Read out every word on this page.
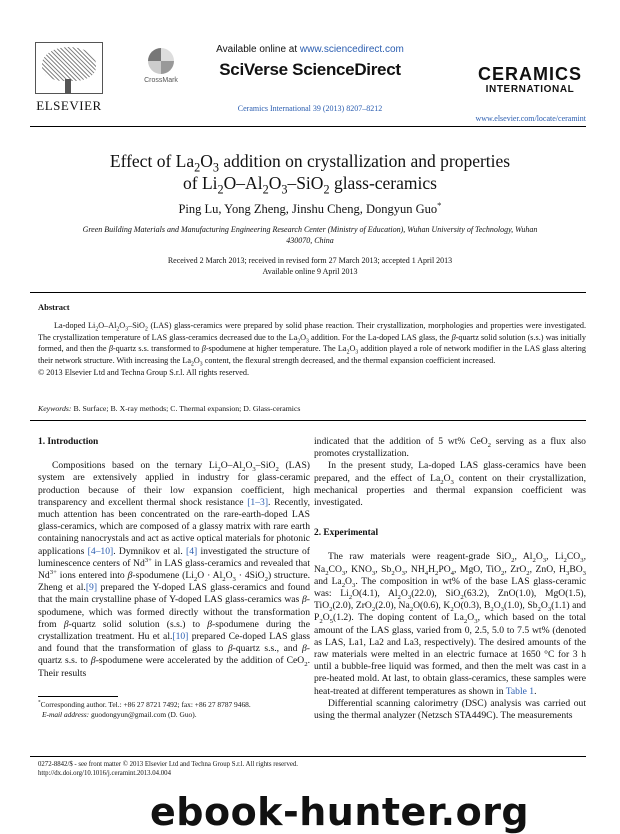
ELSEVIER
CrossMark
Available online at www.sciencedirect.com
SciVerse ScienceDirect
Ceramics International 39 (2013) 8207–8212
CERAMICS
INTERNATIONAL
www.elsevier.com/locate/ceramint
Effect of $La_2O_3$ addition on crystallization and properties
of $Li_2O-Al_2O_3-SiO_2$ glass-ceramics
Ping Lu, Yong Zheng, Jinshu Cheng, Dongyun Guo*
Green Building Materials and Manufacturing Engineering Research Center (Ministry of Education), Wuhan University of Technology, Wuhan 430070, China
Received 2 March 2013; received in revised form 27 March 2013; accepted 1 April 2013
Available online 9 April 2013
Abstract

La-doped $Li_2O-Al_2O_3-SiO_2$ (LAS) glass-ceramics were prepared by solid phase reaction. Their crystallization, morphologies and properties were investigated. The crystallization temperature of LAS glass-ceramics decreased due to the $La_2O_3$ addition. For the La-doped LAS glass, the β-quartz solid solution (s.s.) was initially formed, and then the β-quartz s.s. transformed to β-spodumene at higher temperature. The $La_2O_3$ addition played a role of network modifier in the LAS glass altering their network structure. With increasing the $La_2O_3$ content, the flexural strength decreased, and the thermal expansion coefficient increased.

© 2013 Elsevier Ltd and Techna Group S.r.l. All rights reserved.

Keywords: B. Surface; B. X-ray methods; C. Thermal expansion; D. Glass-ceramics
1. Introduction

Compositions based on the ternary $Li_2O-Al_2O_3-SiO_2$ (LAS) system are extensively applied in industry for glass-ceramic production because of their low expansion coefficient, high transparency and excellent thermal shock resistance [1–3]. Recently, much attention has been concentrated on the rare-earth-doped LAS glass-ceramics, which are composed of a glassy matrix with rare earth containing nanocrystals and act as active optical materials for photonic applications [4–10]. Dymnikov et al. [4] investigated the structure of luminescence centers of $Nd^{3+}$ in LAS glass-ceramics and revealed that $Nd^{3+}$ ions entered into β-spodumene $(Li_2O \cdot Al_2O_3 \cdot 4SiO_2)$ structure. Zheng et al.[9] prepared the Y-doped LAS glass-ceramics and found that the main crystalline phase of Y-doped LAS glass-ceramics was β-spodumene, which was formed directly without the transformation from β-quartz solid solution (s.s.) to β-spodumene during the crystallization treatment. Hu et al.[10] prepared Ce-doped LAS glass and found that the transformation of glass to β-quartz s.s., and β-quartz s.s. to β-spodumene were accelerated by the addition of CeO$_2$. Their results

indicated that the addition of 5 wt% CeO$_2$ serving as a flux also promotes crystallization.

In the present study, La-doped LAS glass-ceramics have been prepared, and the effect of $La_2O_3$ content on their crystallization, mechanical properties and thermal expansion coefficient was investigated.

2. Experimental

The raw materials were reagent-grade SiO$_2$, $Al_2O_3$, $Li_2CO_3$, $Na_2CO_3$, $KNO_3$, $Sb_2O_3$, $NH_4H_2PO_4$, MgO, TiO$_2$, ZrO$_2$, ZnO, $H_3BO_3$ and $La_2O_3$. The composition in wt% of the base LAS glass-ceramic was: $Li_2O(4.1)$, $Al_2O_3(22.0)$, SiO$_2$(63.2), ZnO(1.0), MgO(1.5), TiO$_2$(2.0), ZrO$_2$(2.0), $Na_2O(0.6)$, $K_2O(0.3)$, $B_2O_3(1.0)$, $Sb_2O_3(1.1)$ and $P_2O_5(1.2)$. The doping content of $La_2O_3$, which based on the total amount of the LAS glass, varied from 0, 2.5, 5.0 to 7.5 wt% (denoted as LAS, La1, La2 and La3, respectively). The desired amounts of the raw materials were melted in an electric furnace at 1650 °C for 3 h until a bubble-free liquid was formed, and then the melt was cast in a pre-heated mold. At last, to obtain glass-ceramics, these samples were heat-treated at different temperatures as shown in Table 1.

Differential scanning calorimetry (DSC) analysis was carried out using the thermal analyzer (Netzsch STA449C). The measurements

*Corresponding author. Tel.: +86 27 8721 7492; fax: +86 27 8787 9468.
E-mail address: guodongyun@gmail.com (D. Guo).
0272-8842/$ - see front matter © 2013 Elsevier Ltd and Techna Group S.r.l. All rights reserved.
http://dx.doi.org/10.1016/j.ceramint.2013.04.004
ebook-hunter.org
